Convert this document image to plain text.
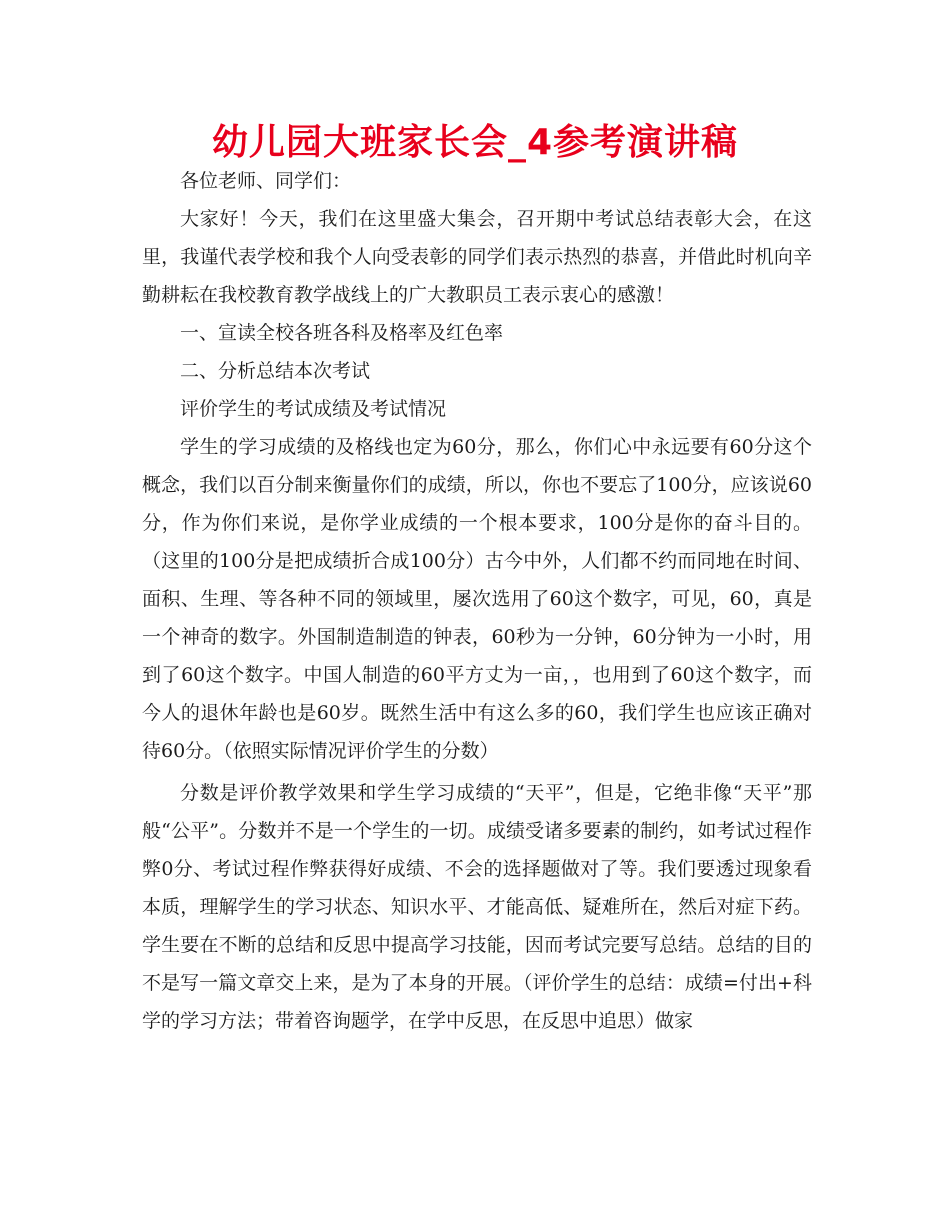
幼儿园大班家长会_4参考演讲稿

各位老师、同学们：

大家好！今天，我们在这里盛大集会，召开期中考试总结表彰大会，在这里，我谨代表学校和我个人向受表彰的同学们表示热烈的恭喜，并借此时机向辛勤耕耘在我校教育教学战线上的广大教职员工表示衷心的感激！

一、宣读全校各班各科及格率及红色率

二、分析总结本次考试

评价学生的考试成绩及考试情况

学生的学习成绩的及格线也定为60分，那么，你们心中永远要有60分这个概念，我们以百分制来衡量你们的成绩，所以，你也不要忘了100分，应该说60分，作为你们来说，是你学业成绩的一个根本要求，100分是你的奋斗目的。（这里的100分是把成绩折合成100分）古今中外，人们都不约而同地在时间、面积、生理、等各种不同的领域里，屡次选用了60这个数字，可见，60，真是一个神奇的数字。外国制造制造的钟表，60秒为一分钟，60分钟为一小时，用到了60这个数字。中国人制造的60平方丈为一亩，，也用到了60这个数字，而今人的退休年龄也是60岁。既然生活中有这么多的60，我们学生也应该正确对待60分。（依照实际情况评价学生的分数）

分数是评价教学效果和学生学习成绩的“天平”，但是，它绝非像“天平”那般“公平”。分数并不是一个学生的一切。成绩受诸多要素的制约，如考试过程作弊0分、考试过程作弊获得好成绩、不会的选择题做对了等。我们要透过现象看本质，理解学生的学习状态、知识水平、才能高低、疑难所在，然后对症下药。学生要在不断的总结和反思中提高学习技能，因而考试完要写总结。总结的目的不是写一篇文章交上来，是为了本身的开展。（评价学生的总结：成绩=付出+科学的学习方法；带着咨询题学，在学中反思，在反思中追思）做家
